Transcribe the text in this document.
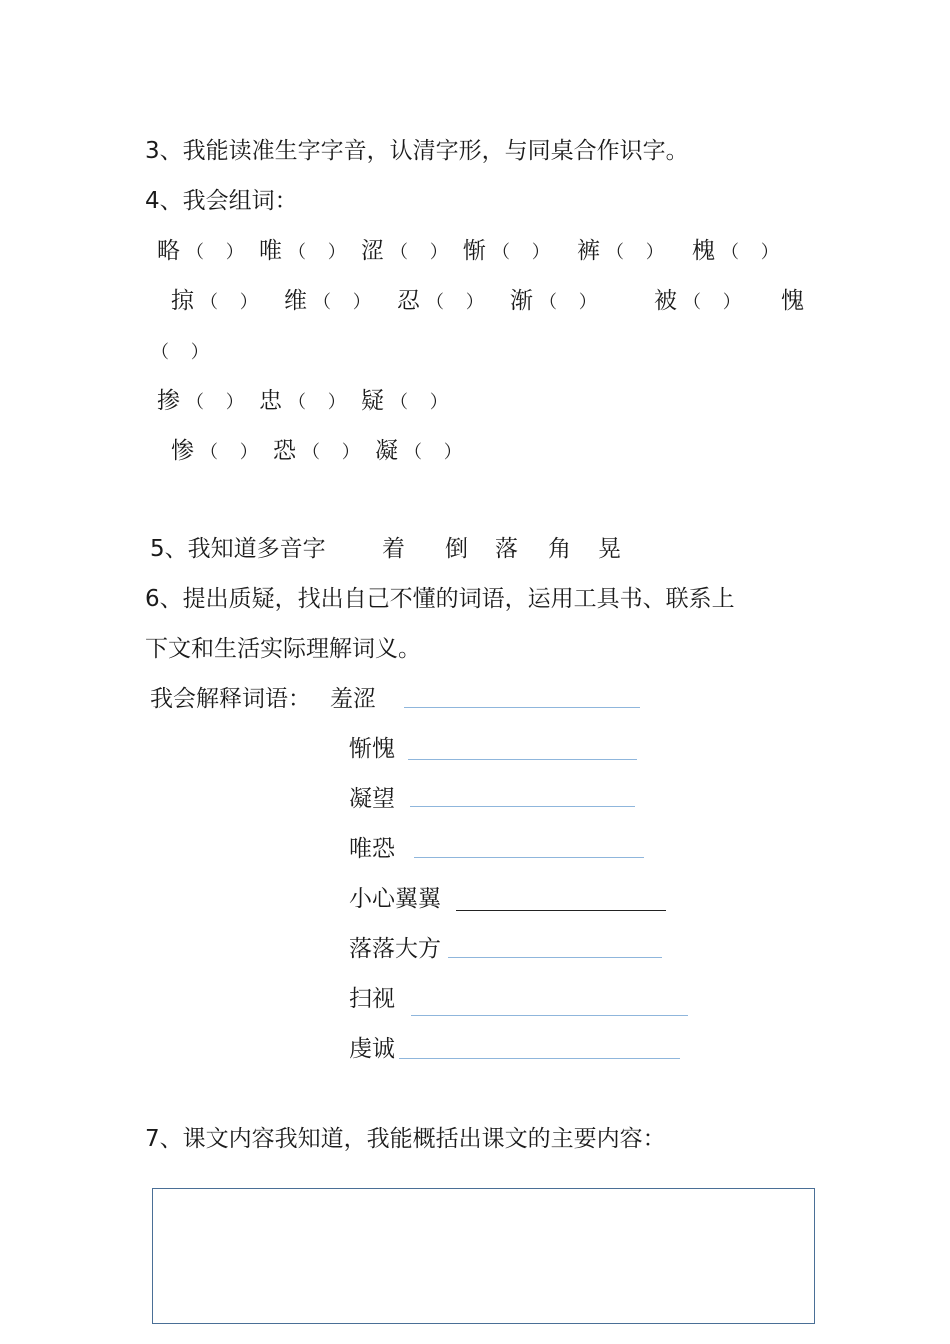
3、我能读准生字字音，认清字形，与同桌合作识字。
4、我会组词：
略 （ ） 唯 （ ） 涩 （ ） 惭 （ ） 裤 （ ） 槐 （ ）
掠 （ ） 维 （ ） 忍 （ ） 渐 （ ） 被 （ ） 愧
（ ）
掺 （ ） 忠 （ ） 疑 （ ）
惨 （ ） 恐 （ ） 凝 （ ）
5、我知道多音字 着 倒 落 角 晃
6、提出质疑，找出自己不懂的词语，运用工具书、联系上
下文和生活实际理解词义。
我会解释词语： 羞涩
惭愧
凝望
唯恐
小心翼翼
落落大方
扫视
虔诚
7、课文内容我知道，我能概括出课文的主要内容：
